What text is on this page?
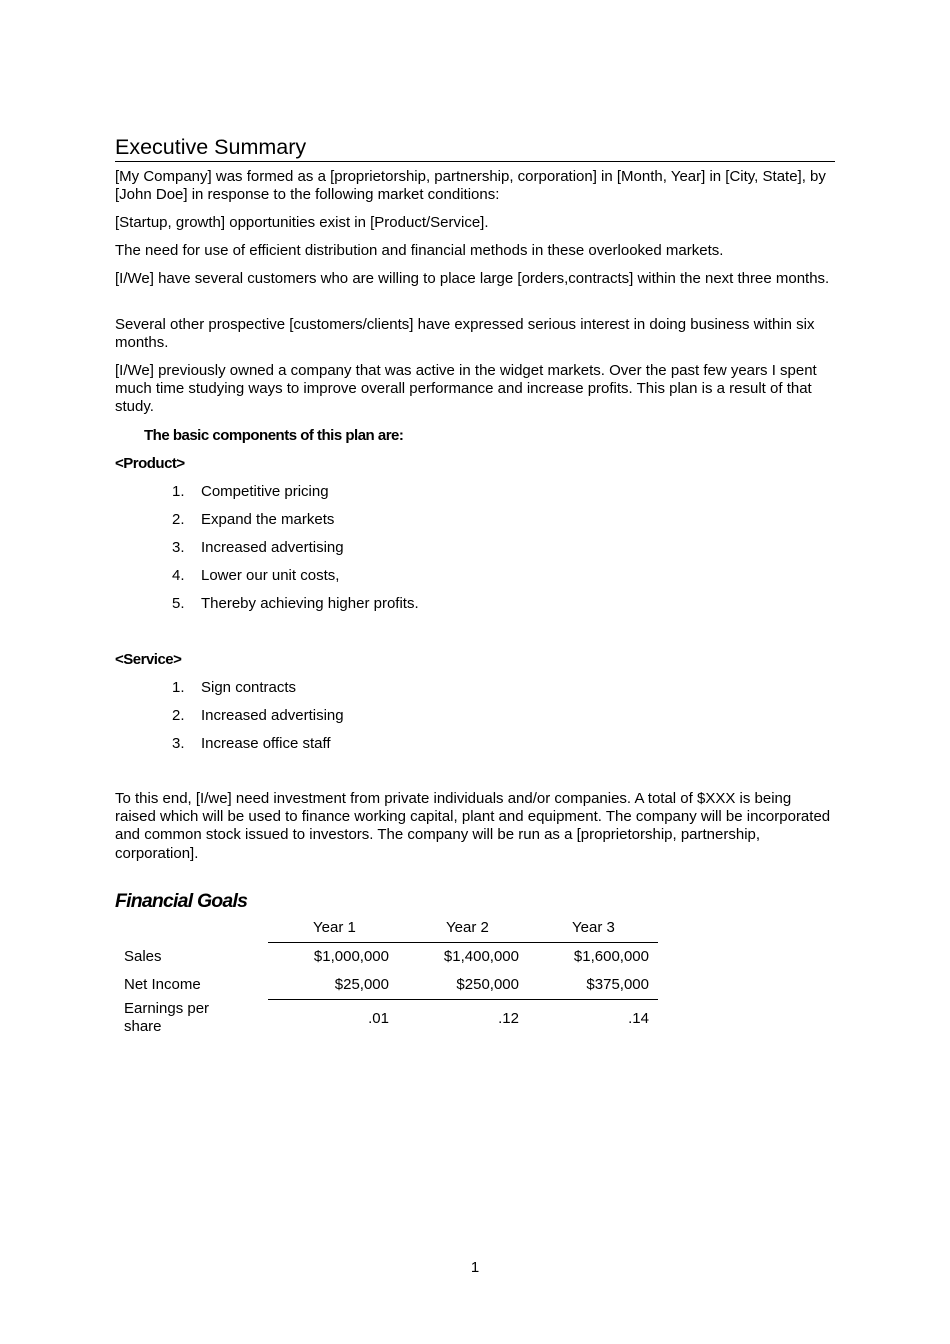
Executive Summary

[My Company] was formed as a [proprietorship, partnership, corporation] in [Month, Year] in [City, State], by [John Doe] in response to the following market conditions:

[Startup, growth] opportunities exist in [Product/Service].

The need for use of efficient distribution and financial methods in these overlooked markets.

[I/We] have several customers who are willing to place large [orders,contracts] within the next three months.

Several other prospective [customers/clients] have expressed serious interest in doing business within six months.

[I/We] previously owned a company that was active in the widget markets. Over the past few years I spent much time studying ways to improve overall performance and increase profits. This plan is a result of that study.

The basic components of this plan are:

<Product>

1. Competitive pricing
2. Expand the markets
3. Increased advertising
4. Lower our unit costs,
5. Thereby achieving higher profits.

<Service>

1. Sign contracts
2. Increased advertising
3. Increase office staff

To this end, [I/we] need investment from private individuals and/or companies. A total of $XXX is being raised which will be used to finance working capital, plant and equipment. The company will be incorporated and common stock issued to investors. The company will be run as a [proprietorship, partnership, corporation].

Financial Goals
	Year 1	Year 2	Year 3
Sales	$1,000,000	$1,400,000	$1,600,000
Net Income	$25,000	$250,000	$375,000
Earnings per share	.01	.12	.14
1
